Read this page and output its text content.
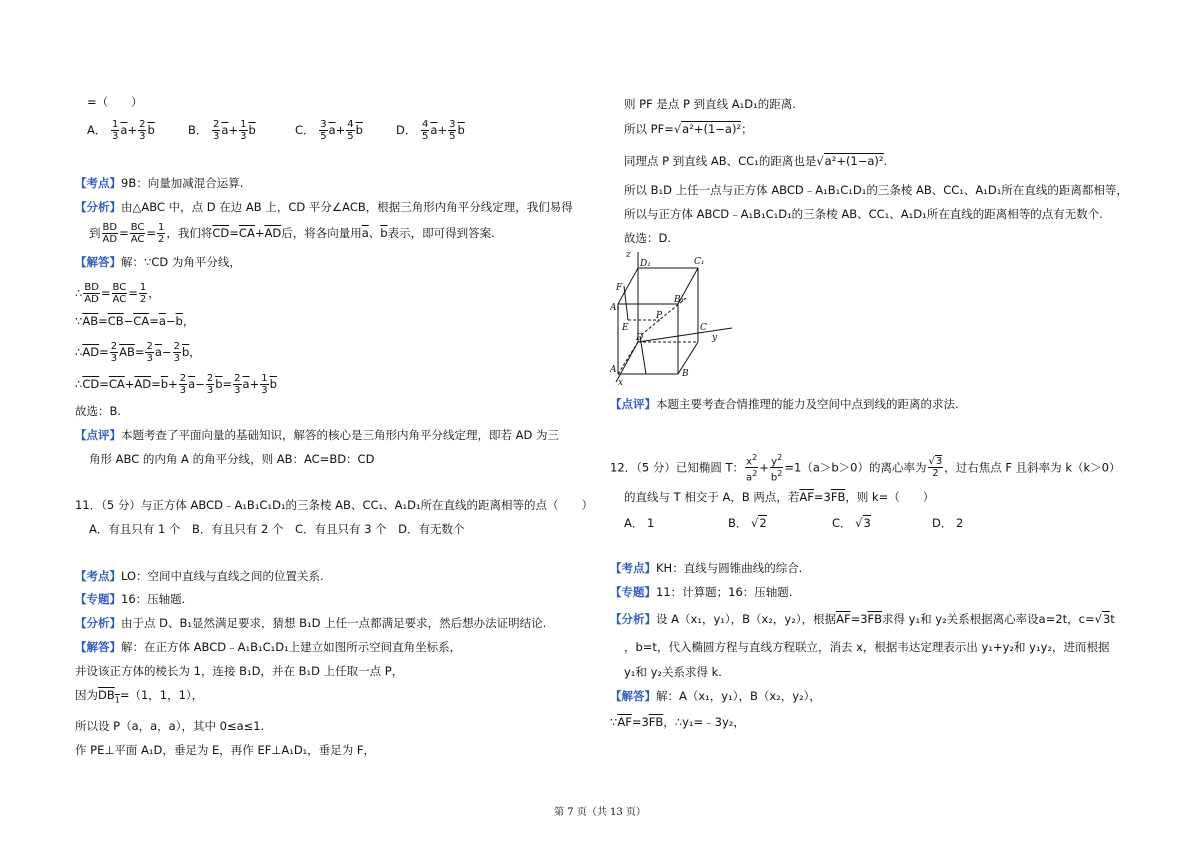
=（　　）
A． $\frac{1}{3} \overline{a}+ \frac{2}{3} \overline{b}$	B． $\frac{2}{3} \overline{a}+ \frac{1}{3} \overline{b}$	C． $\frac{3}{5} \overline{a}+ \frac{4}{5} \overline{b}$	D． $\frac{4}{5} \overline{a}+ \frac{3}{5} \overline{b}$
【考点】9B：向量加减混合运算.
【分析】由△ABC 中，点 D 在边 AB 上，CD 平分∠ACB，根据三角形内角平分线定理，我们易得
到 $\frac{BD}{AD} = \frac{BC}{AC} = \frac{1}{2}$ ，我们将$\overline{CD}=\overline{CA}+\overline{AD}$后，将各向量用$\overline{a}$、$\overline{b}$表示，即可得到答案.
【解答】解：∵CD 为角平分线，
∴ $\frac{BD}{AD} = \frac{BC}{AC} = \frac{1}{2}$ ，
$\because\overline{AB}=\overline{CB}-\overline{CA}=\overline{a}-\overline{b}$，
$\therefore\overline{AD}= \frac{2}{3} \overline{AB}= \frac{2}{3} \overline{a}- \frac{2}{3} \overline{b}$，
$\therefore\overline{CD}=\overline{CA}+\overline{AD}=\overline{b}+ \frac{2}{3} \overline{a}- \frac{2}{3} \overline{b}= \frac{2}{3} \overline{a}+ \frac{1}{3} \overline{b}$
故选：B.
【点评】本题考查了平面向量的基础知识，解答的核心是三角形内角平分线定理，即若 AD 为三
角形 ABC 的内角 A 的角平分线，则 AB：AC=BD：CD
11．（5 分）与正方体 ABCD﹣A₁B₁C₁D₁的三条棱 AB、CC₁、A₁D₁所在直线的距离相等的点（　　）
A．有且只有 1 个　B．有且只有 2 个　C．有且只有 3 个　D．有无数个
【考点】LO：空间中直线与直线之间的位置关系.
【专题】16：压轴题.
【分析】由于点 D、B₁显然满足要求，猜想 B₁D 上任一点都满足要求，然后想办法证明结论.
【解答】解：在正方体 ABCD﹣A₁B₁C₁D₁上建立如图所示空间直角坐标系，
并设该正方体的棱长为 1，连接 B₁D，并在 B₁D 上任取一点 P，
因为$DB_1=(1$，1，1），
所以设 P（a，a，a），其中 0≤a≤1.
作 PE⊥平面 A₁D，垂足为 E，再作 EF⊥A₁D₁，垂足为 F，
则 PF 是点 P 到直线 A₁D₁的距离.
所以 PF=√a²+(1−a)²；
同理点 P 到直线 AB、CC₁的距离也是√a²+(1−a)².
所以 B₁D 上任一点与正方体 ABCD﹣A₁B₁C₁D₁的三条棱 AB、CC₁、A₁D₁所在直线的距离都相等，
所以与正方体 ABCD﹣A₁B₁C₁D₁的三条棱 AB、CC₁、A₁D₁所在直线的距离相等的点有无数个.
故选：D.
【点评】本题主要考查合情推理的能力及空间中点到线的距离的求法.
12．（5 分）已知椭圆 T： $\frac{x^2}{a^2} + \frac{y^2}{b^2} =1(a>b>0)$的离心率为 $\frac{√3}{2}$ ，过右焦点 F 且斜率为 k（k＞0）
的直线与 T 相交于 A，B 两点，若$\overline{AF}=3\overline{FB}$，则 k=（　　）
A． 1	B． √2	C． √3	D． 2
【考点】KH：直线与圆锥曲线的综合.
【专题】11：计算题；16：压轴题.
【分析】设 A（x₁，y₁），B（x₂，y₂），根据$\overline{AF}=3\overline{FB}$求得 y₁和 y₂关系根据离心率设a=2t，c=√3t
，b=t，代入椭圆方程与直线方程联立，消去 x，根据韦达定理表示出 y₁+y₂和 y₁y₂，进而根据
y₁和 y₂关系求得 k.
【解答】解：A（x₁，y₁），B（x₂，y₂），
$\because\overline{AF}=3\overline{FB}$，∴y₁=﹣3y₂，
z
D₁	C₁
F
A₁
B₁
P
E	C
D	y
A	B
x
第 7 页（共 13 页）
